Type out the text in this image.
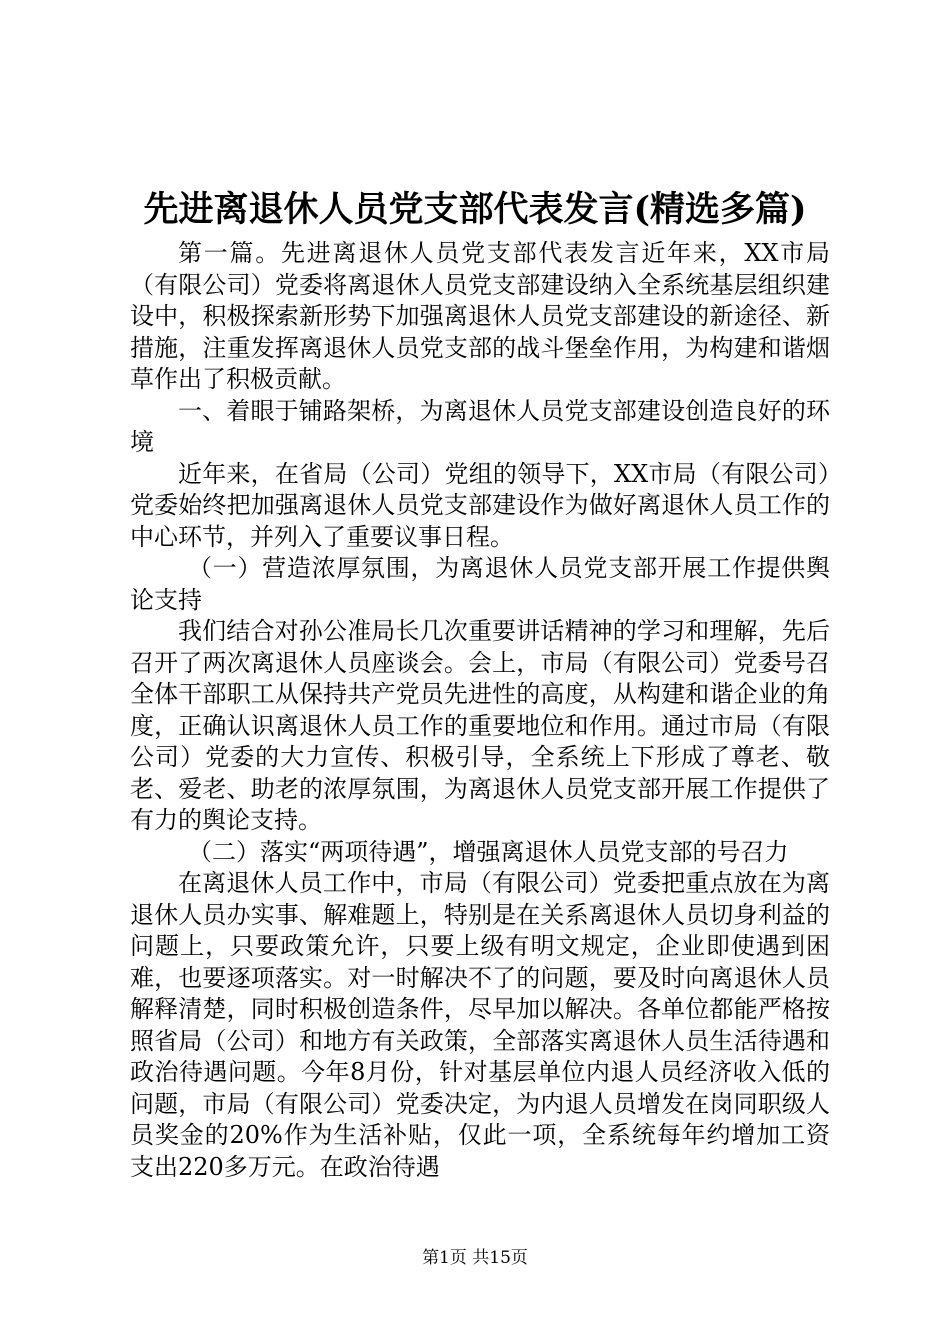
先进离退休人员党支部代表发言(精选多篇)

第一篇。先进离退休人员党支部代表发言近年来，XX市局（有限公司）党委将离退休人员党支部建设纳入全系统基层组织建设中，积极探索新形势下加强离退休人员党支部建设的新途径、新措施，注重发挥离退休人员党支部的战斗堡垒作用，为构建和谐烟草作出了积极贡献。

一、着眼于铺路架桥，为离退休人员党支部建设创造良好的环境

近年来，在省局（公司）党组的领导下，XX市局（有限公司）党委始终把加强离退休人员党支部建设作为做好离退休人员工作的中心环节，并列入了重要议事日程。

（一）营造浓厚氛围，为离退休人员党支部开展工作提供舆论支持

我们结合对孙公准局长几次重要讲话精神的学习和理解，先后召开了两次离退休人员座谈会。会上，市局（有限公司）党委号召全体干部职工从保持共产党员先进性的高度，从构建和谐企业的角度，正确认识离退休人员工作的重要地位和作用。通过市局（有限公司）党委的大力宣传、积极引导，全系统上下形成了尊老、敬老、爱老、助老的浓厚氛围，为离退休人员党支部开展工作提供了有力的舆论支持。

（二）落实“两项待遇”，增强离退休人员党支部的号召力

在离退休人员工作中，市局（有限公司）党委把重点放在为离退休人员办实事、解难题上，特别是在关系离退休人员切身利益的问题上，只要政策允许，只要上级有明文规定，企业即使遇到困难，也要逐项落实。对一时解决不了的问题，要及时向离退休人员解释清楚，同时积极创造条件，尽早加以解决。各单位都能严格按照省局（公司）和地方有关政策，全部落实离退休人员生活待遇和政治待遇问题。今年8月份，针对基层单位内退人员经济收入低的问题，市局（有限公司）党委决定，为内退人员增发在岗同职级人员奖金的20%作为生活补贴，仅此一项，全系统每年约增加工资支出220多万元。在政治待遇

第1页 共15页
